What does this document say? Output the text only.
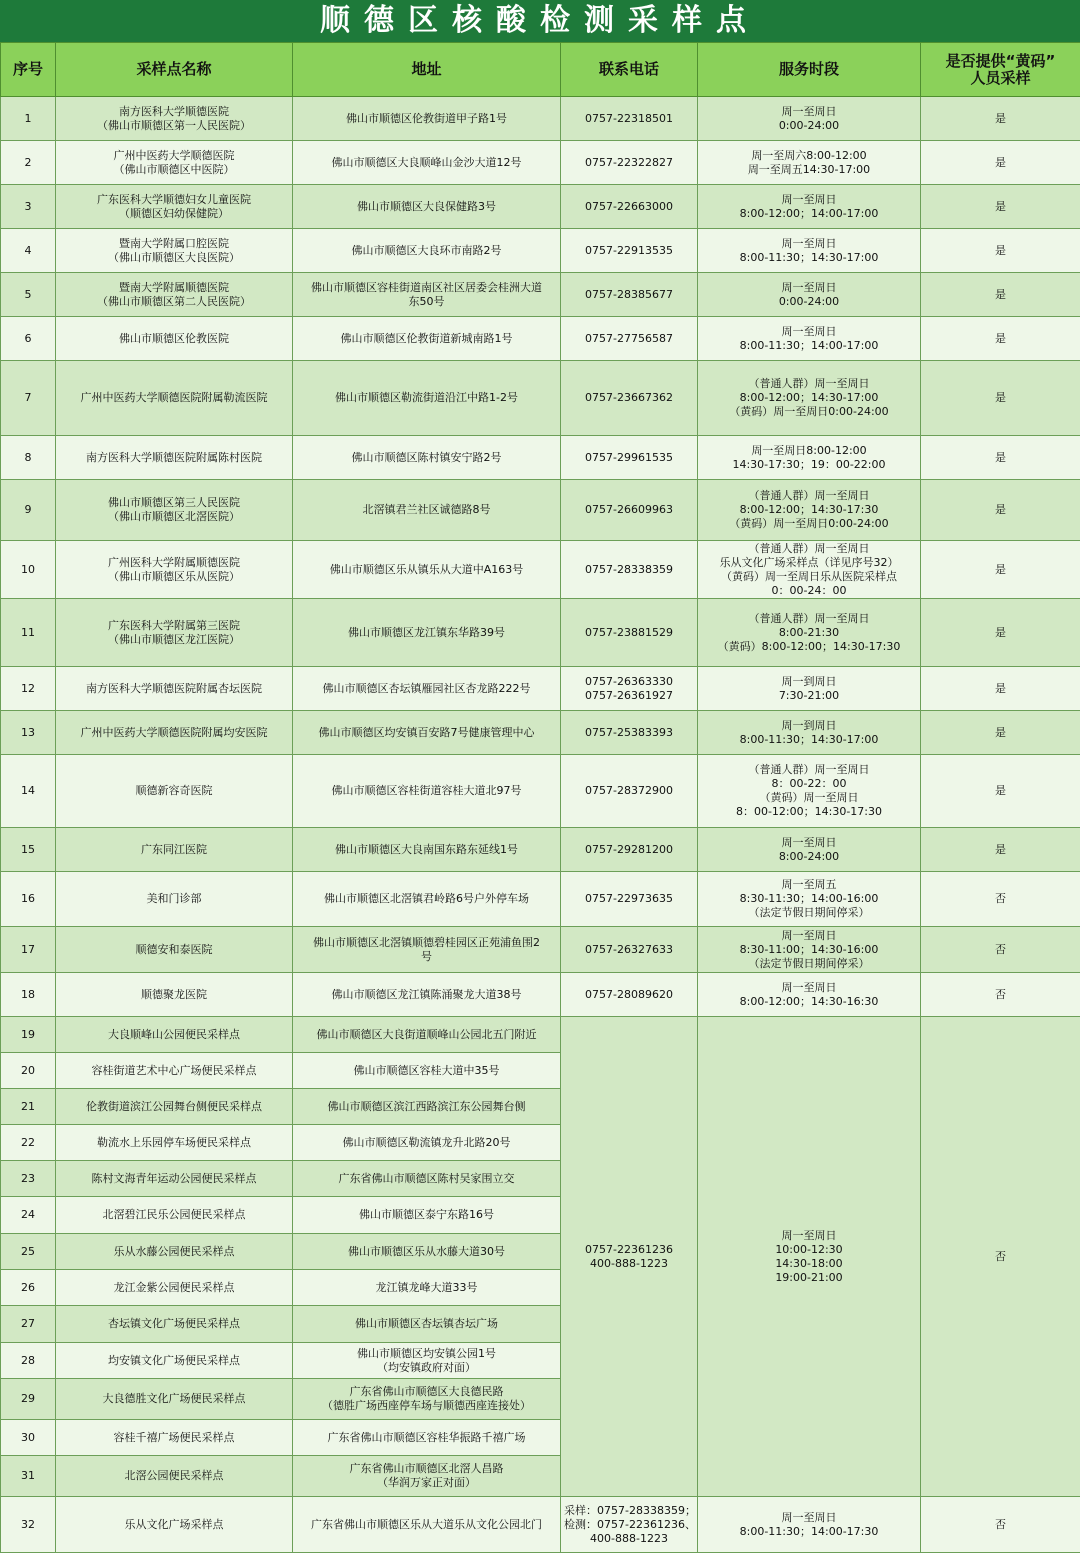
顺德区核酸检测采样点
序号	采样点名称	地址	联系电话	服务时段	是否提供“黄码”
人员采样

1	南方医科大学顺德医院
（佛山市顺德区第一人民医院）	佛山市顺德区伦教街道甲子路1号	0757-22318501	周一至周日
0:00-24:00	是
2	广州中医药大学顺德医院
（佛山市顺德区中医院）	佛山市顺德区大良顺峰山金沙大道12号	0757-22322827	周一至周六8:00-12:00
周一至周五14:30-17:00	是
3	广东医科大学顺德妇女儿童医院
（顺德区妇幼保健院）	佛山市顺德区大良保健路3号	0757-22663000	周一至周日
8:00-12:00；14:00-17:00	是
4	暨南大学附属口腔医院
（佛山市顺德区大良医院）	佛山市顺德区大良环市南路2号	0757-22913535	周一至周日
8:00-11:30；14:30-17:00	是
5	暨南大学附属顺德医院
（佛山市顺德区第二人民医院）	佛山市顺德区容桂街道南区社区居委会桂洲大道
东50号	0757-28385677	周一至周日
0:00-24:00	是
6	佛山市顺德区伦教医院	佛山市顺德区伦教街道新城南路1号	0757-27756587	周一至周日
8:00-11:30；14:00-17:00	是
7	广州中医药大学顺德医院附属勒流医院	佛山市顺德区勒流街道沿江中路1-2号	0757-23667362	（普通人群）周一至周日
8:00-12:00；14:30-17:00
（黄码）周一至周日0:00-24:00	是
8	南方医科大学顺德医院附属陈村医院	佛山市顺德区陈村镇安宁路2号	0757-29961535	周一至周日8:00-12:00
14:30-17:30；19：00-22:00	是
9	佛山市顺德区第三人民医院
（佛山市顺德区北滘医院）	北滘镇君兰社区诚德路8号	0757-26609963	（普通人群）周一至周日
8:00-12:00；14:30-17:30
（黄码）周一至周日0:00-24:00	是
10	广州医科大学附属顺德医院
（佛山市顺德区乐从医院）	佛山市顺德区乐从镇乐从大道中A163号	0757-28338359	（普通人群）周一至周日
乐从文化广场采样点（详见序号32）
（黄码）周一至周日乐从医院采样点
0：00-24：00	是
11	广东医科大学附属第三医院
（佛山市顺德区龙江医院）	佛山市顺德区龙江镇东华路39号	0757-23881529	（普通人群）周一至周日
8:00-21:30
（黄码）8:00-12:00；14:30-17:30	是
12	南方医科大学顺德医院附属杏坛医院	佛山市顺德区杏坛镇雁园社区杏龙路222号	0757-26363330
0757-26361927	周一到周日
7:30-21:00	是
13	广州中医药大学顺德医院附属均安医院	佛山市顺德区均安镇百安路7号健康管理中心	0757-25383393	周一到周日
8:00-11:30；14:30-17:00	是
14	顺德新容奇医院	佛山市顺德区容桂街道容桂大道北97号	0757-28372900	（普通人群）周一至周日
8：00-22：00
（黄码）周一至周日
8：00-12:00；14:30-17:30	是
15	广东同江医院	佛山市顺德区大良南国东路东延线1号	0757-29281200	周一至周日
8:00-24:00	是
16	美和门诊部	佛山市顺德区北滘镇君岭路6号户外停车场	0757-22973635	周一至周五
8:30-11:30；14:00-16:00
（法定节假日期间停采）	否
17	顺德安和泰医院	佛山市顺德区北滘镇顺德碧桂园区正苑浦鱼围2
号	0757-26327633	周一至周日
8:30-11:00；14:30-16:00
（法定节假日期间停采）	否
18	顺德聚龙医院	佛山市顺德区龙江镇陈涌聚龙大道38号	0757-28089620	周一至周日
8:00-12:00；14:30-16:30	否
19	大良顺峰山公园便民采样点	佛山市顺德区大良街道顺峰山公园北五门附近	0757-22361236
400-888-1223	周一至周日
10:00-12:30
14:30-18:00
19:00-21:00	否
20	容桂街道艺术中心广场便民采样点	佛山市顺德区容桂大道中35号			

21	伦教街道滨江公园舞台侧便民采样点	佛山市顺德区滨江西路滨江东公园舞台侧			

22	勒流水上乐园停车场便民采样点	佛山市顺德区勒流镇龙升北路20号			

23	陈村文海青年运动公园便民采样点	广东省佛山市顺德区陈村吴家围立交			

24	北滘碧江民乐公园便民采样点	佛山市顺德区泰宁东路16号			

25	乐从水藤公园便民采样点	佛山市顺德区乐从水藤大道30号			

26	龙江金紫公园便民采样点	龙江镇龙峰大道33号			

27	杏坛镇文化广场便民采样点	佛山市顺德区杏坛镇杏坛广场			

28	均安镇文化广场便民采样点	佛山市顺德区均安镇公园1号
（均安镇政府对面）			

29	大良德胜文化广场便民采样点	广东省佛山市顺德区大良德民路
（德胜广场西座停车场与顺德西座连接处）			

30	容桂千禧广场便民采样点	广东省佛山市顺德区容桂华振路千禧广场			

31	北滘公园便民采样点	广东省佛山市顺德区北滘人昌路
（华润万家正对面）			

32	乐从文化广场采样点	广东省佛山市顺德区乐从大道乐从文化公园北门	采样：0757-28338359；
检测：0757-22361236、
400-888-1223	周一至周日
8:00-11:30；14:00-17:30	否
